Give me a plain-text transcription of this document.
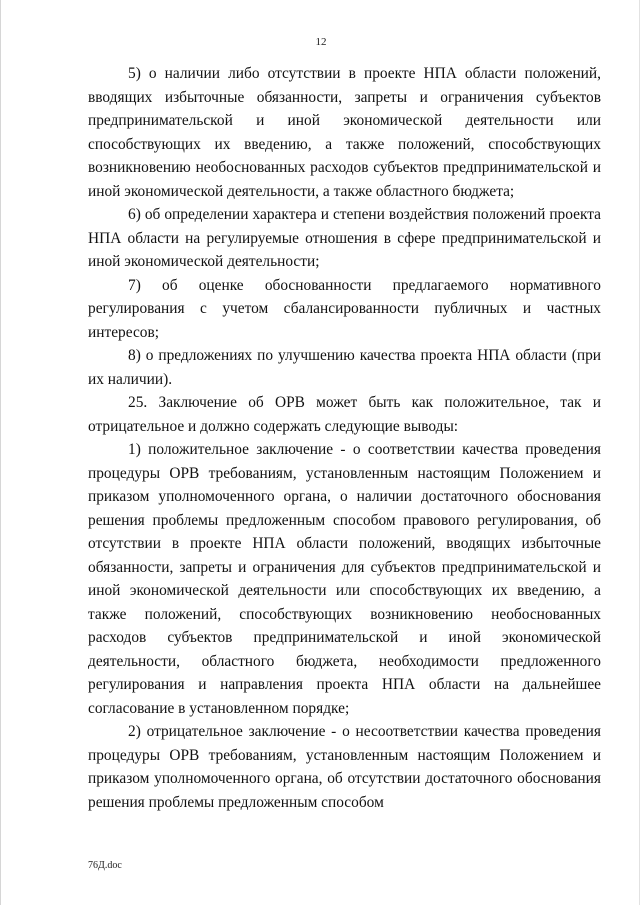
12

5) о наличии либо отсутствии в проекте НПА области положений, вводящих избыточные обязанности, запреты и ограничения субъектов предпринимательской и иной экономической деятельности или способствующих их введению, а также положений, способствующих возникновению необоснованных расходов субъектов предпринимательской и иной экономической деятельности, а также областного бюджета;

6) об определении характера и степени воздействия положений проекта НПА области на регулируемые отношения в сфере предпринимательской и иной экономической деятельности;

7) об оценке обоснованности предлагаемого нормативного регулирования с учетом сбалансированности публичных и частных интересов;

8) о предложениях по улучшению качества проекта НПА области (при их наличии).

25. Заключение об ОРВ может быть как положительное, так и отрицательное и должно содержать следующие выводы:

1) положительное заключение - о соответствии качества проведения процедуры ОРВ требованиям, установленным настоящим Положением и приказом уполномоченного органа, о наличии достаточного обоснования решения проблемы предложенным способом правового регулирования, об отсутствии в проекте НПА области положений, вводящих избыточные обязанности, запреты и ограничения для субъектов предпринимательской и иной экономической деятельности или способствующих их введению, а также положений, способствующих возникновению необоснованных расходов субъектов предпринимательской и иной экономической деятельности, областного бюджета, необходимости предложенного регулирования и направления проекта НПА области на дальнейшее согласование в установленном порядке;

2) отрицательное заключение - о несоответствии качества проведения процедуры ОРВ требованиям, установленным настоящим Положением и приказом уполномоченного органа, об отсутствии достаточного обоснования решения проблемы предложенным способом

76Д.doc
